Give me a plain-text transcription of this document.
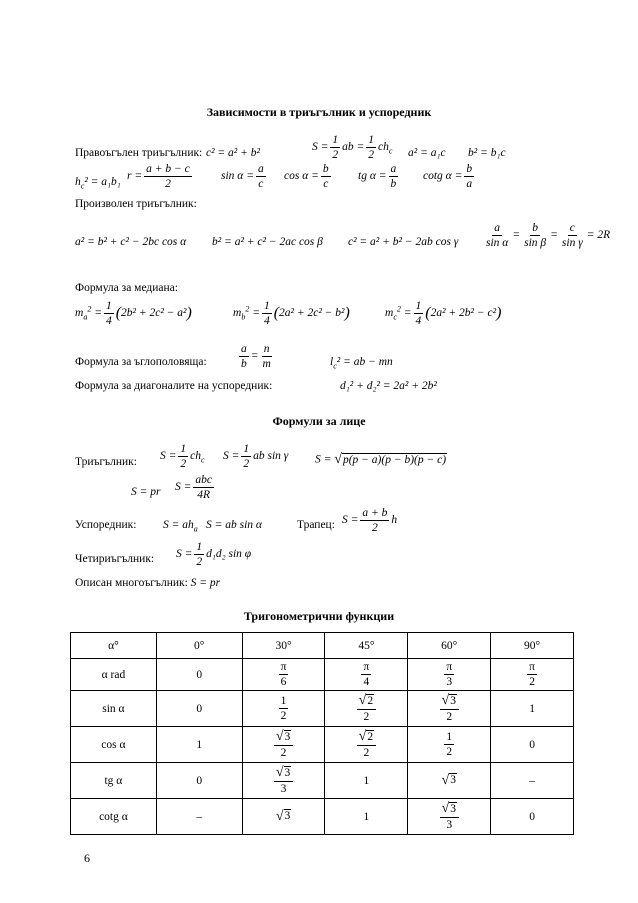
Зависимости в триъгълник и успоредник
Правоъгълен триъгълник: c² = a² + b²	$S = \frac{1}{2}$ ab = $\frac{1}{2} ch_c$ a² = a₁c b² = b₁c
$h_c^2 = a_1b_1$ $r = \frac{a + b - c}{2}$	$\sin \alpha = \frac{a}{c}$ $\cos \alpha = \frac{b}{c}$ tg $\alpha = \frac{a}{b}$ cotg $\alpha = \frac{b}{a}$
Произволен триъгълник:
a² = b² + c² − 2bc cos α b² = a² + c² − 2ac cos β c² = a² + b² − 2ab cos γ $\frac{a}{\text{sin α}} = \frac{b}{\text{sin β}} = \frac{c}{\text{sin γ}} = 2R$
Формула за медиана:
$m_a^2 = \frac{1}{4} (2b^2 + 2c^2 - a^2)$	$m_b^2 = \frac{1}{4} (2a^2 + 2c^2 - b^2)$	$m_c^2 = \frac{1}{4} (2a^2 + 2b^2 - c^2)$
Формула за ъглополовяща:	$\frac{a}{b} = \frac{n}{m}$	$l_c^2$ = ab − mn
Формула за диагоналите на успоредник:	d₁² + d₂² = 2a² + 2b²
Формули за лице
Триъгълник: $S = \frac{1}{2} ch_c$ $S = \frac{1}{2}$ ab sin γ S = √p(p − a)(p − b)(p − c)
S = pr $S = \frac{\text{abc}}{4R}$
Успоредник: $S = ah_a$ S = ab sin α	Трапец: $S = \frac{a + b}{2}$ h
Четириъгълник: $S = \frac{1}{2} d_1d_2$ sin φ
Описан многоъгълник: S = pr
Тригонометрични функции
α°	0°	30°	45°	60°	90°
α rad	0	$\frac{\pi}{6}$	$\frac{\pi}{4}$	$\frac{\pi}{3}$	$\frac{\pi}{2}$

sin α	0	$\frac{1}{2}$	$\frac{√2}{2}$	$\frac{√3}{2}$	1
cos α	1	$\frac{√3}{2}$	$\frac{√2}{2}$	$\frac{1}{2}$	0
tg α	0	$\frac{√3}{3}$	1	√3	–
cotg α	–	√3	1	$\frac{√3}{3}$	0
6
